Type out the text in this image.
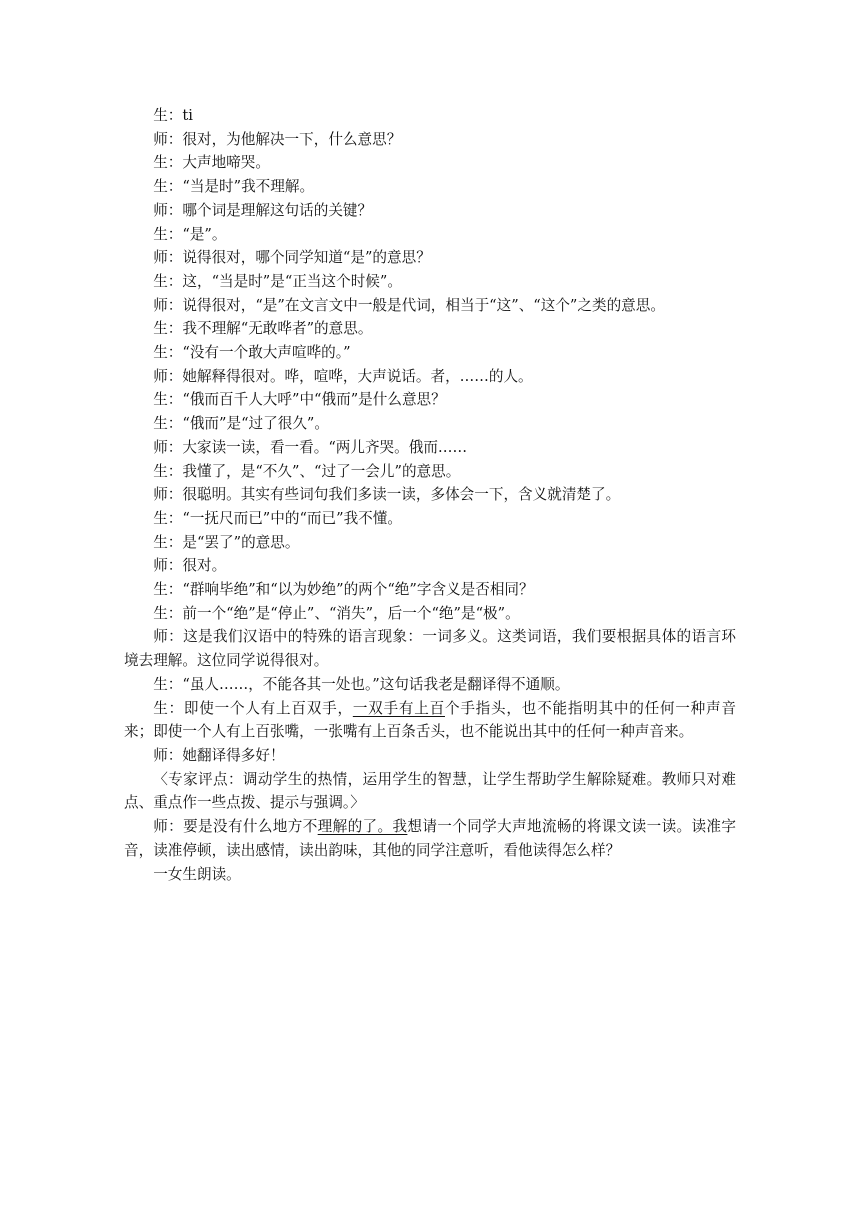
生：ti

师：很对，为他解决一下，什么意思？

生：大声地啼哭。

生：“当是时”我不理解。

师：哪个词是理解这句话的关键？

生：“是”。

师：说得很对，哪个同学知道“是”的意思？

生：这，“当是时”是“正当这个时候”。

师：说得很对，“是”在文言文中一般是代词，相当于“这”、“这个”之类的意思。

生：我不理解“无敢哗者”的意思。

生：“没有一个敢大声喧哗的。”

师：她解释得很对。哗，喧哗，大声说话。者，……的人。

生：“俄而百千人大呼”中“俄而”是什么意思？

生：“俄而”是“过了很久”。

师：大家读一读，看一看。“两儿齐哭。俄而……

生：我懂了，是“不久”、“过了一会儿”的意思。

师：很聪明。其实有些词句我们多读一读，多体会一下，含义就清楚了。

生：“一抚尺而已”中的“而已”我不懂。

生：是“罢了”的意思。

师：很对。

生：“群响毕绝”和“以为妙绝”的两个“绝”字含义是否相同？

生：前一个“绝”是“停止”、“消失”，后一个“绝”是“极”。

师：这是我们汉语中的特殊的语言现象：一词多义。这类词语，我们要根据具体的语言环境去理解。这位同学说得很对。

生：“虽人……，不能各其一处也。”这句话我老是翻译得不通顺。

生：即使一个人有上百双手，一双手有上百个手指头，也不能指明其中的任何一种声音来；即使一个人有上百张嘴，一张嘴有上百条舌头，也不能说出其中的任何一种声音来。

师：她翻译得多好！

〈专家评点：调动学生的热情，运用学生的智慧，让学生帮助学生解除疑难。教师只对难点、重点作一些点拨、提示与强调。〉

师：要是没有什么地方不理解的了。我想请一个同学大声地流畅的将课文读一读。读准字音，读准停顿，读出感情，读出韵味，其他的同学注意听，看他读得怎么样？

一女生朗读。
